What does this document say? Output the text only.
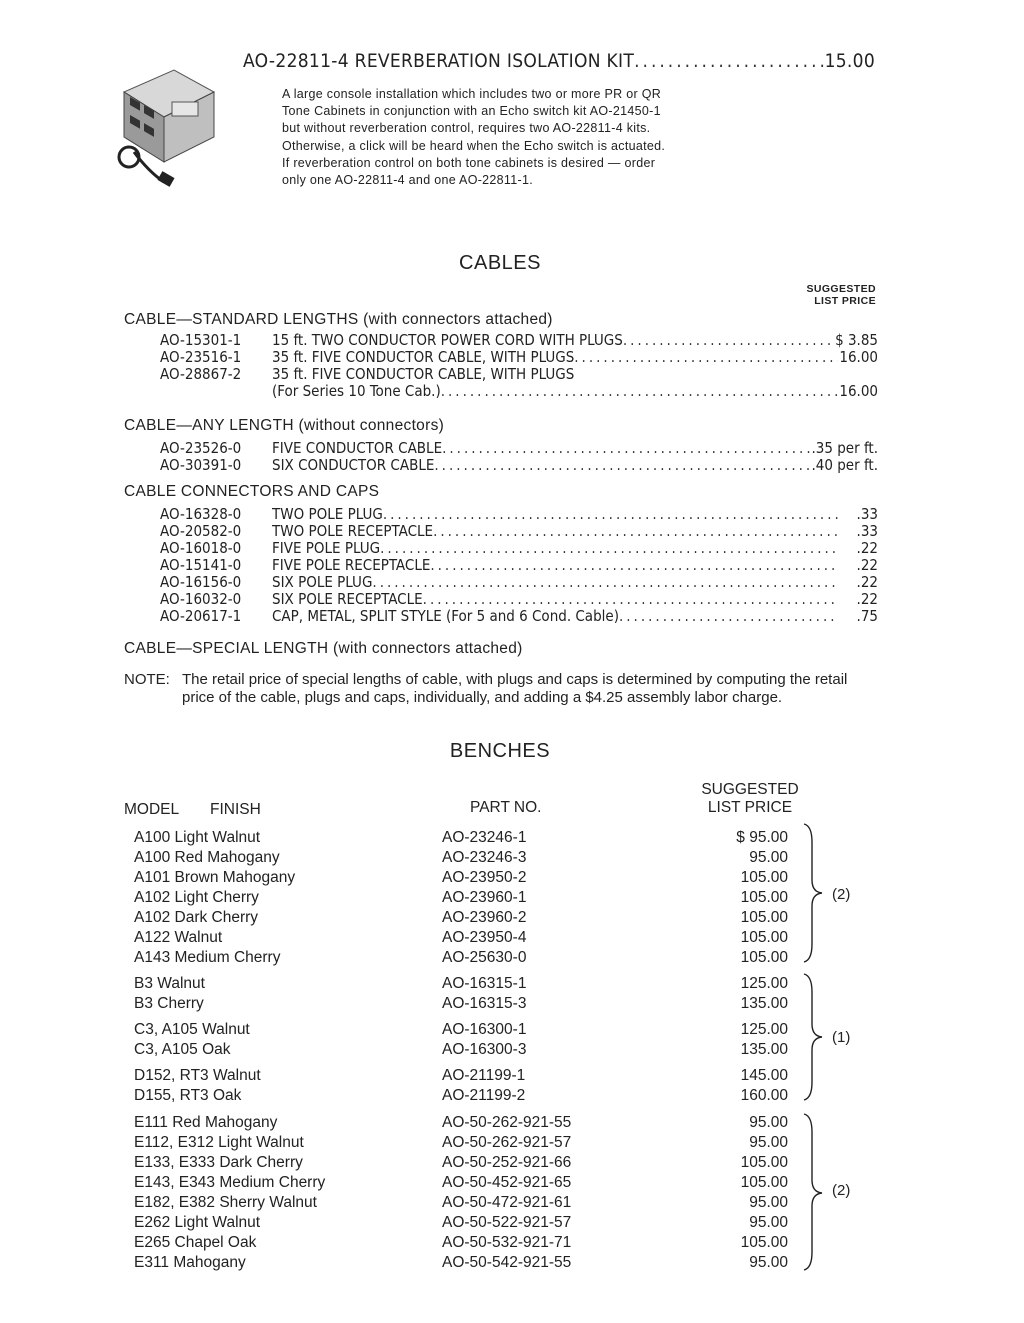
AO-22811-4 REVERBERATION ISOLATION KIT .....	15.00
A large console installation which includes two or more PR or QR
Tone Cabinets in conjunction with an Echo switch kit AO-21450-1
but without reverberation control, requires two AO-22811-4 kits.
Otherwise, a click will be heard when the Echo switch is actuated.
If reverberation control on both tone cabinets is desired — order
only one AO-22811-4 and one AO-22811-1.
CABLES
SUGGESTED
LIST PRICE
CABLE—STANDARD LENGTHS (with connectors attached)
AO-15301-1	15 ft. TWO CONDUCTOR POWER CORD WITH PLUGS .....	$ 3.85
AO-23516-1	35 ft. FIVE CONDUCTOR CABLE, WITH PLUGS .....	16.00
AO-28867-2	35 ft. FIVE CONDUCTOR CABLE, WITH PLUGS
(For Series 10 Tone Cab.) .....	16.00
CABLE—ANY LENGTH (without connectors)
AO-23526-0	FIVE CONDUCTOR CABLE .....	.35 per ft.
AO-30391-0	SIX CONDUCTOR CABLE .....	.40 per ft.
CABLE CONNECTORS AND CAPS
AO-16328-0	TWO POLE PLUG .....	.33
AO-20582-0	TWO POLE RECEPTACLE .....	.33
AO-16018-0	FIVE POLE PLUG .....	.22
AO-15141-0	FIVE POLE RECEPTACLE .....	.22
AO-16156-0	SIX POLE PLUG .....	.22
AO-16032-0	SIX POLE RECEPTACLE .....	.22
AO-20617-1	CAP, METAL, SPLIT STYLE (For 5 and 6 Cond. Cable) .....	.75
CABLE—SPECIAL LENGTH (with connectors attached)
NOTE: The retail price of special lengths of cable, with plugs and caps is determined by computing the retail price of the cable, plugs and caps, individually, and adding a $4.25 assembly labor charge.
BENCHES
MODEL FINISH	PART NO.
SUGGESTED
LIST PRICE
A100 Light Walnut	AO-23246-1	$ 95.00
A100 Red Mahogany	AO-23246-3	95.00
A101 Brown Mahogany	AO-23950-2	105.00
A102 Light Cherry	AO-23960-1	105.00
A102 Dark Cherry	AO-23960-2	105.00
A122 Walnut	AO-23950-4	105.00
A143 Medium Cherry	AO-25630-0	105.00
B3 Walnut	AO-16315-1	125.00
B3 Cherry	AO-16315-3	135.00
C3, A105 Walnut	AO-16300-1	125.00
C3, A105 Oak	AO-16300-3	135.00
D152, RT3 Walnut	AO-21199-1	145.00
D155, RT3 Oak	AO-21199-2	160.00
E111 Red Mahogany	AO-50-262-921-55	95.00
E112, E312 Light Walnut	AO-50-262-921-57	95.00
E133, E333 Dark Cherry	AO-50-252-921-66	105.00
E143, E343 Medium Cherry	AO-50-452-921-65	105.00
E182, E382 Sherry Walnut	AO-50-472-921-61	95.00
E262 Light Walnut	AO-50-522-921-57	95.00
E265 Chapel Oak	AO-50-532-921-71	105.00
E311 Mahogany	AO-50-542-921-55	95.00
(2)
(1)
(2)
